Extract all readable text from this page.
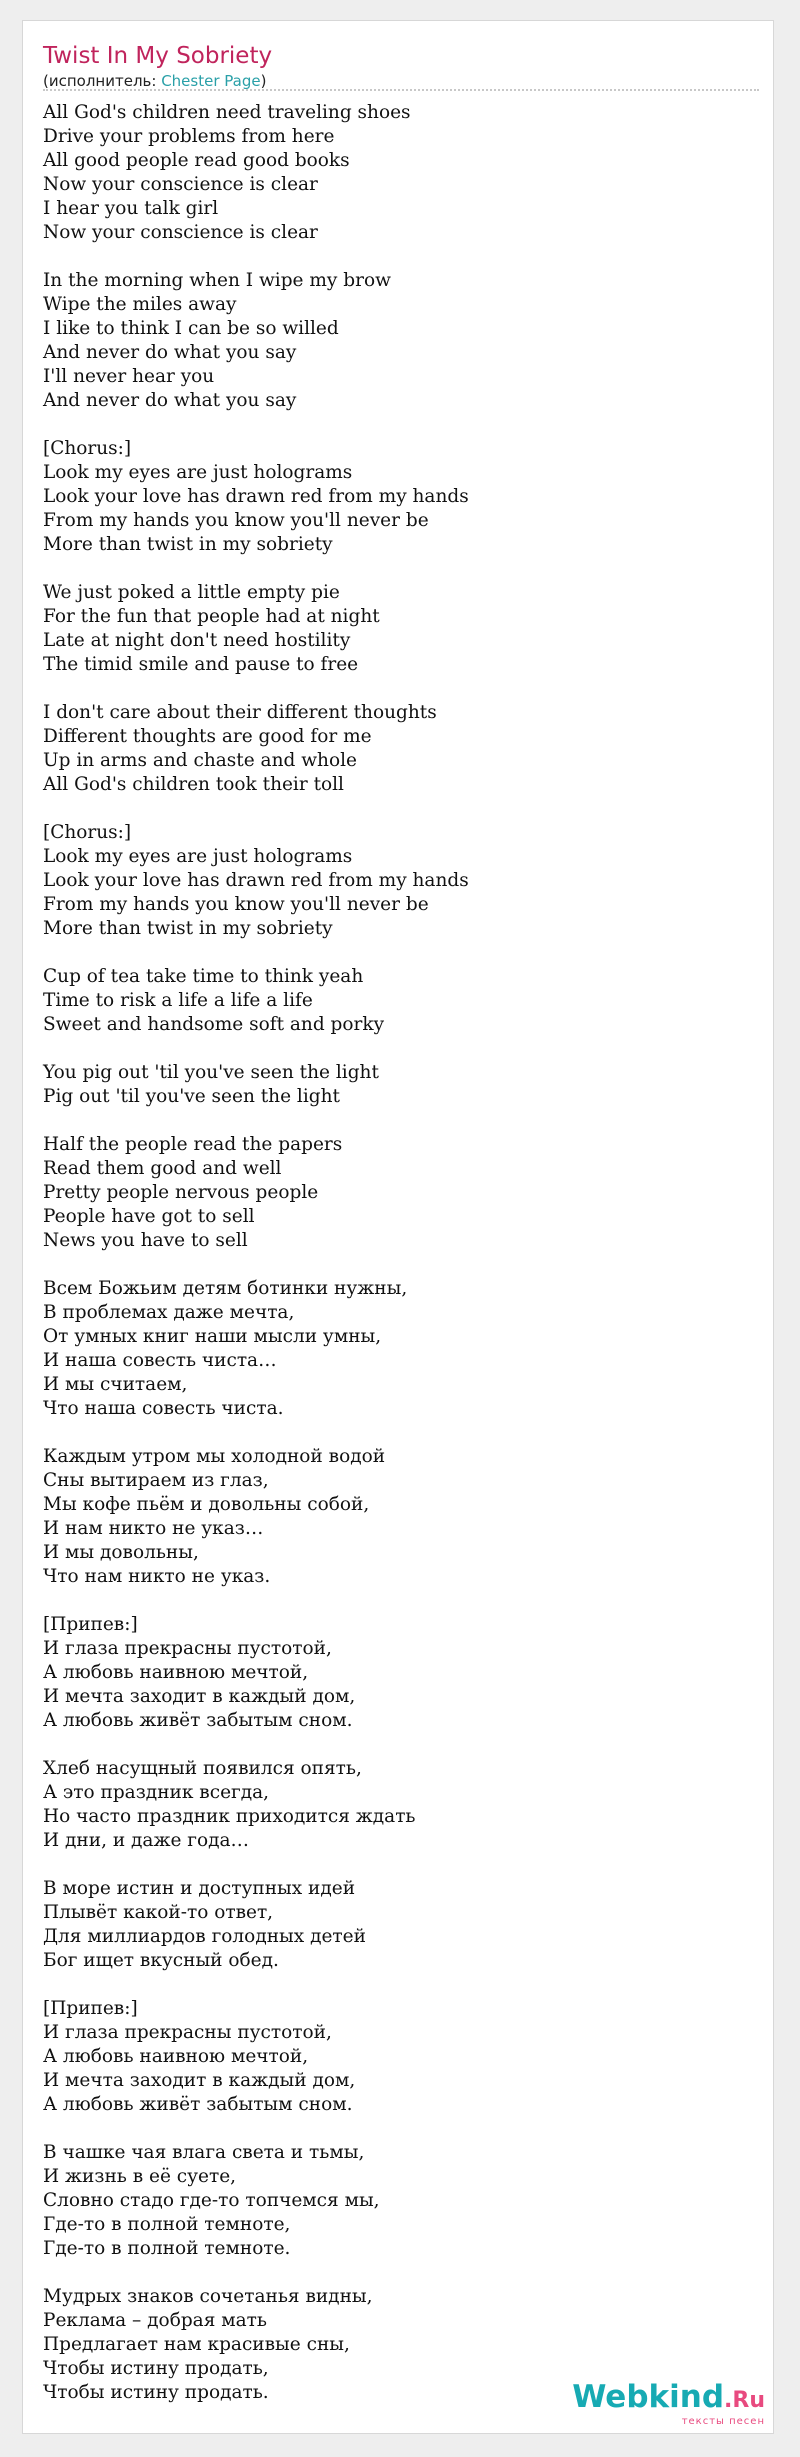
Twist In My Sobriety
(исполнитель: Chester Page)
All God's children need traveling shoes
Drive your problems from here
All good people read good books
Now your conscience is clear
I hear you talk girl
Now your conscience is clear
In the morning when I wipe my brow
Wipe the miles away
I like to think I can be so willed
And never do what you say
I'll never hear you
And never do what you say
[Chorus:]
Look my eyes are just holograms
Look your love has drawn red from my hands
From my hands you know you'll never be
More than twist in my sobriety
We just poked a little empty pie
For the fun that people had at night
Late at night don't need hostility
The timid smile and pause to free
I don't care about their different thoughts
Different thoughts are good for me
Up in arms and chaste and whole
All God's children took their toll
[Chorus:]
Look my eyes are just holograms
Look your love has drawn red from my hands
From my hands you know you'll never be
More than twist in my sobriety
Cup of tea take time to think yeah
Time to risk a life a life a life
Sweet and handsome soft and porky
You pig out 'til you've seen the light
Pig out 'til you've seen the light
Half the people read the papers
Read them good and well
Pretty people nervous people
People have got to sell
News you have to sell
Всем Божьим детям ботинки нужны,
В проблемах даже мечта,
От умных книг наши мысли умны,
И наша совесть чиста…
И мы считаем,
Что наша совесть чиста.
Каждым утром мы холодной водой
Сны вытираем из глаз,
Мы кофе пьём и довольны собой,
И нам никто не указ…
И мы довольны,
Что нам никто не указ.
[Припев:]
И глаза прекрасны пустотой,
А любовь наивною мечтой,
И мечта заходит в каждый дом,
А любовь живёт забытым сном.
Хлеб насущный появился опять,
А это праздник всегда,
Но часто праздник приходится ждать
И дни, и даже года…
В море истин и доступных идей
Плывёт какой-то ответ,
Для миллиардов голодных детей
Бог ищет вкусный обед.
[Припев:]
И глаза прекрасны пустотой,
А любовь наивною мечтой,
И мечта заходит в каждый дом,
А любовь живёт забытым сном.
В чашке чая влага света и тьмы,
И жизнь в её суете,
Словно стадо где-то топчемся мы,
Где-то в полной темноте,
Где-то в полной темноте.
Мудрых знаков сочетанья видны,
Реклама – добрая мать
Предлагает нам красивые сны,
Чтобы истину продать,
Чтобы истину продать.	Webkind.Ru
тексты песен
